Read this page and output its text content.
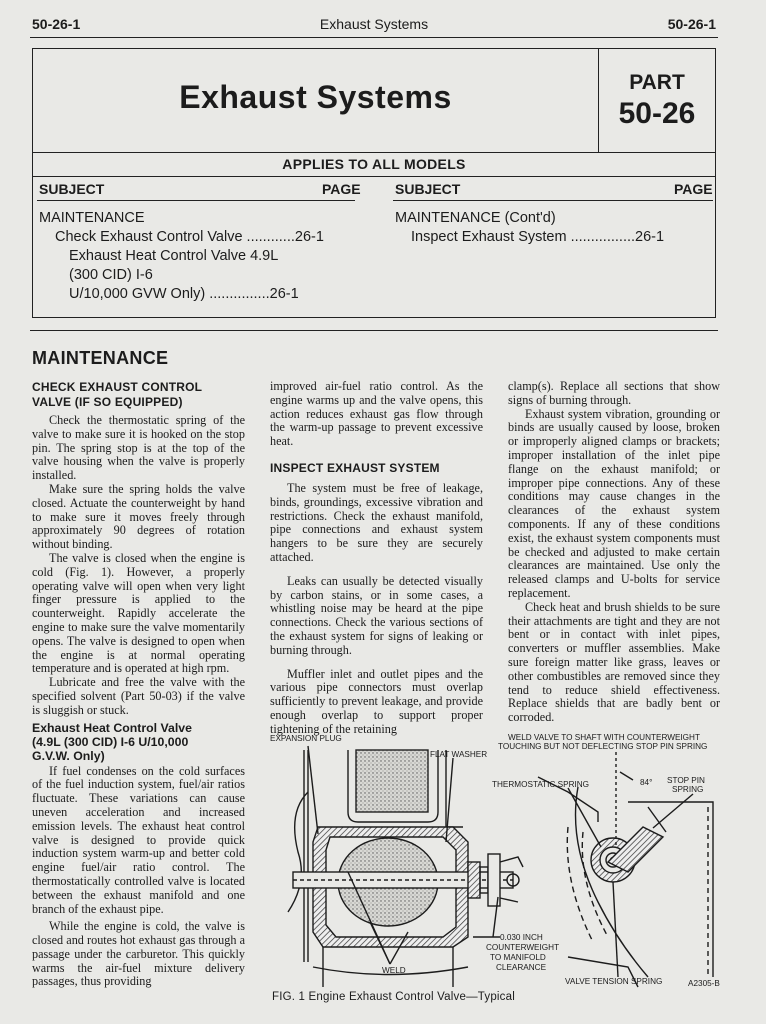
50-26-1	Exhaust Systems	50-26-1
Exhaust Systems	PART
50-26
APPLIES TO ALL MODELS
SUBJECT	PAGE SUBJECT	PAGE
MAINTENANCE
Check Exhaust Control Valve ............26-1
Exhaust Heat Control Valve 4.9L
(300 CID) I-6
U/10,000 GVW Only) ...............26-1
MAINTENANCE (Cont'd)
Inspect Exhaust System ................26-1
MAINTENANCE
CHECK EXHAUST CONTROL
VALVE (IF SO EQUIPPED)

Check the thermostatic spring of the valve to make sure it is hooked on the stop pin. The spring stop is at the top of the valve housing when the valve is properly installed.

Make sure the spring holds the valve closed. Actuate the counterweight by hand to make sure it moves freely through approximately 90 degrees of rotation without binding.

The valve is closed when the engine is cold (Fig. 1). However, a properly operating valve will open when very light finger pressure is applied to the counterweight. Rapidly accelerate the engine to make sure the valve momentarily opens. The valve is designed to open when the engine is at normal operating temperature and is operated at high rpm.

Lubricate and free the valve with the specified solvent (Part 50-03) if the valve is sluggish or stuck.

Exhaust Heat Control Valve
(4.9L (300 CID) I-6 U/10,000
G.V.W. Only)

If fuel condenses on the cold surfaces of the fuel induction system, fuel/air ratios fluctuate. These variations can cause uneven acceleration and increased emission levels. The exhaust heat control valve is designed to provide quick induction system warm-up and better cold engine fuel/air ratio control. The thermostatically controlled valve is located between the exhaust manifold and one branch of the exhaust pipe.

While the engine is cold, the valve is closed and routes hot exhaust gas through a passage under the carburetor. This quickly warms the air-fuel mixture delivery passages, thus providing

improved air-fuel ratio control. As the engine warms up and the valve opens, this action reduces exhaust gas flow through the warm-up passage to prevent excessive heat.

INSPECT EXHAUST SYSTEM

The system must be free of leakage, binds, groundings, excessive vibration and restrictions. Check the exhaust manifold, pipe connections and exhaust system hangers to be sure they are securely attached.

Leaks can usually be detected visually by carbon stains, or in some cases, a whistling noise may be heard at the pipe connections. Check the various sections of the exhaust system for signs of leaking or burning through.

Muffler inlet and outlet pipes and the various pipe connectors must overlap sufficiently to prevent leakage, and provide enough overlap to support proper tightening of the retaining

clamp(s). Replace all sections that show signs of burning through.

Exhaust system vibration, grounding or binds are usually caused by loose, broken or improperly aligned clamps or brackets; improper installation of the inlet pipe flange on the exhaust manifold; or improper pipe connections. Any of these conditions may cause changes in the clearances of the exhaust system components. If any of these conditions exist, the exhaust system components must be checked and adjusted to make certain clearances are maintained. Use only the released clamps and U-bolts for service replacement.

Check heat and brush shields to be sure their attachments are tight and they are not bent or in contact with inlet pipes, converters or muffler assemblies. Make sure foreign matter like grass, leaves or other combustibles are removed since they tend to reduce shield effectiveness. Replace shields that are badly bent or corroded.

EXPANSION PLUG
FLAT WASHER
WELD VALVE TO SHAFT WITH COUNTERWEIGHT
TOUCHING BUT NOT DEFLECTING STOP PIN SPRING
THERMOSTATIC SPRING	84° STOP PIN
SPRING
0.030 INCH
COUNTERWEIGHT
TO MANIFOLD
CLEARANCE
WELD
VALVE TENSION SPRING	A2305-B
FIG. 1 Engine Exhaust Control Valve—Typical
